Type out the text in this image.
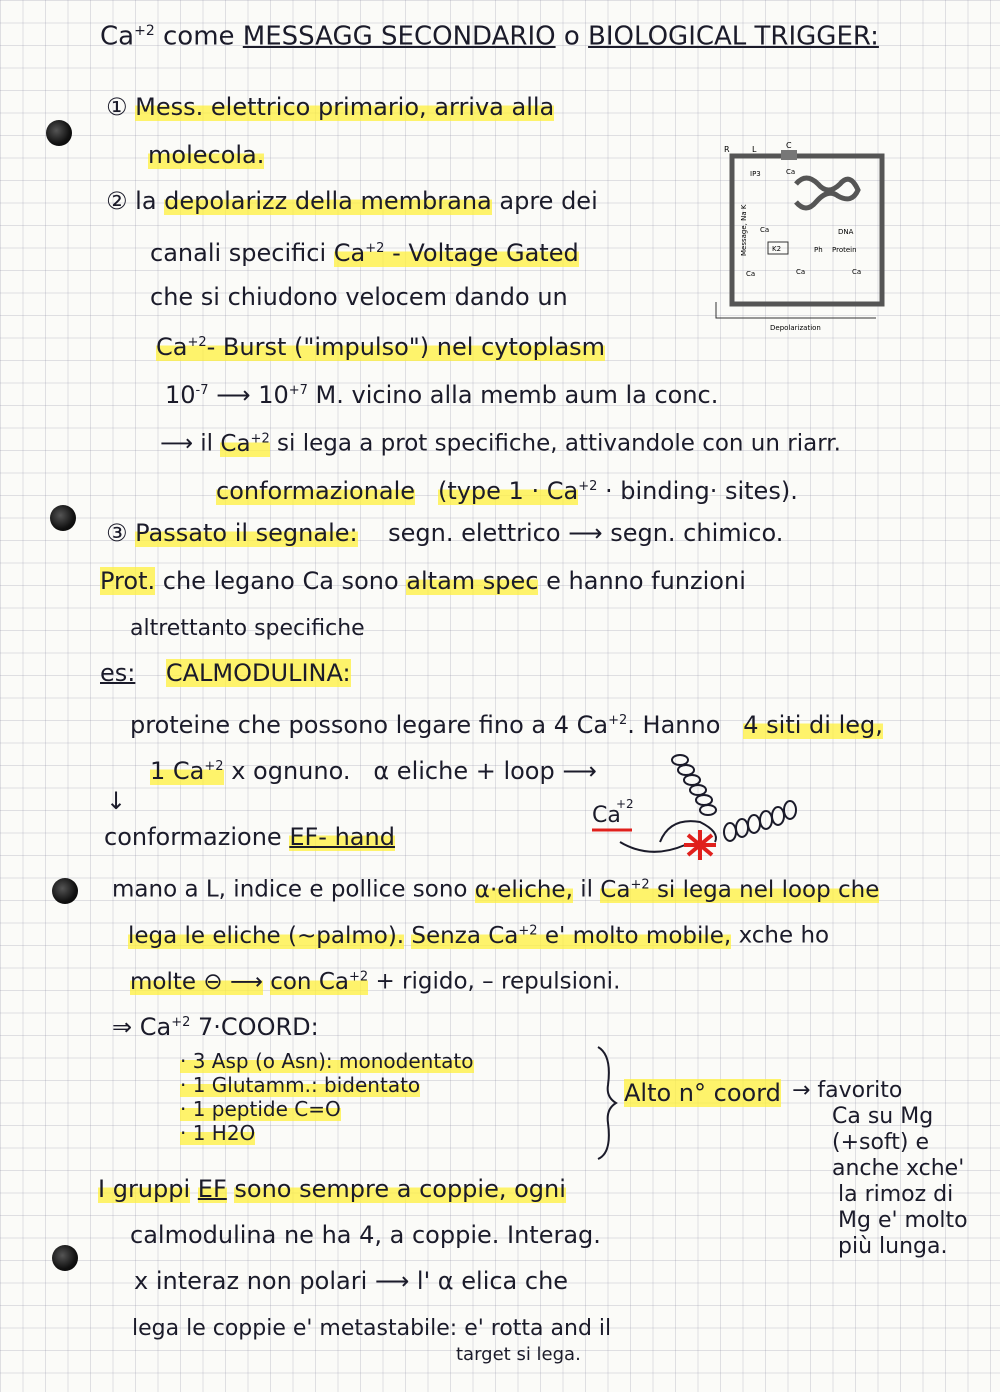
$Ca^{+2}$ come MESSAGG SECONDARIO o BIOLOGICAL TRIGGER:
① Mess. elettrico primario, arriva alla
molecola.
② la depolarizz della membrana apre dei
canali specifici $Ca^{+2}$ - Voltage Gated
che si chiudono velocem dando un
$Ca^{+2}-$ Burst ("impulso") nel cytoplasm
$10^{-7}$ ⟶ $10^{+7}$ M. vicino alla memb aum la conc.
⟶ il $Ca^{+2}$ si lega a prot specifiche, attivandole con un riarr.
conformazionale (type $1 \cdot Ca^{+2}$ · binding· sites).
R	L	C
IP3	Ca
Message, Na K Ca	DNA
K2	Ph Protein
Ca	Ca	Ca
Depolarization
③ Passato il segnale: segn. elettrico ⟶ segn. chimico.
Prot. che legano Ca sono altam spec e hanno funzioni
altrettanto specifiche
es: CALMODULINA:
proteine che possono legare fino a 4 $Ca^{+2}$. Hanno 4 siti di leg,
1 $Ca^{+2}$ x ognuno. α eliche + loop ⟶
↓
conformazione EF- hand
Ca
+2
mano a L, indice e pollice sono α·eliche, il $Ca^{+2}$ si lega nel loop che
lega le eliche (~palmo). Senza $Ca^{+2}$ e' molto mobile, xche ho
molte ⊖ ⟶ con $Ca^{+2}$ + rigido, – repulsioni.
⇒ $Ca^{+2}$ 7·COORD:
· 3 Asp (o Asn): monodentato
· 1 Glutamm.: bidentato
· 1 peptide C=O
· 1 H2O
Alto n° coord → favorito
Ca su Mg
(+soft) e
anche xche'
la rimoz di
Mg e' molto
più lunga.
I gruppi EF sono sempre a coppie, ogni
calmodulina ne ha 4, a coppie. Interag.
x interaz non polari ⟶ l' α elica che
lega le coppie e' metastabile: e' rotta and il
target si lega.
